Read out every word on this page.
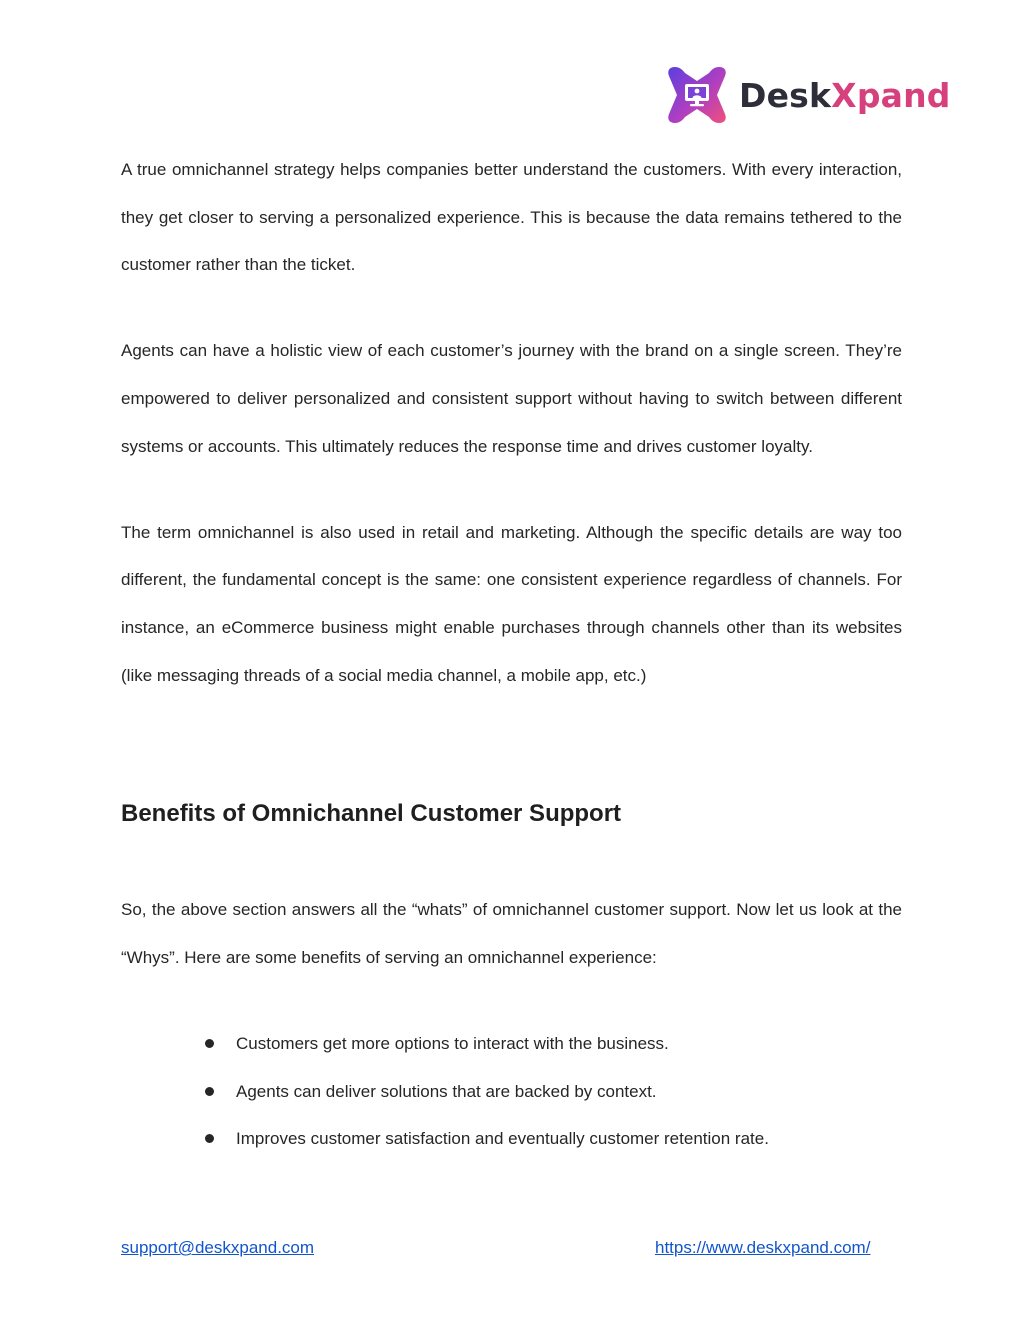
DeskXpand

A true omnichannel strategy helps companies better understand the customers. With every interaction, they get closer to serving a personalized experience. This is because the data remains tethered to the customer rather than the ticket.

Agents can have a holistic view of each customer’s journey with the brand on a single screen. They’re empowered to deliver personalized and consistent support without having to switch between different systems or accounts. This ultimately reduces the response time and drives customer loyalty.

The term omnichannel is also used in retail and marketing. Although the specific details are way too different, the fundamental concept is the same: one consistent experience regardless of channels. For instance, an eCommerce business might enable purchases through channels other than its websites (like messaging threads of a social media channel, a mobile app, etc.)

Benefits of Omnichannel Customer Support

So, the above section answers all the “whats” of omnichannel customer support. Now let us look at the “Whys”. Here are some benefits of serving an omnichannel experience:

Customers get more options to interact with the business.
Agents can deliver solutions that are backed by context.
Improves customer satisfaction and eventually customer retention rate.
support@deskxpand.com	https://www.deskxpand.com/
